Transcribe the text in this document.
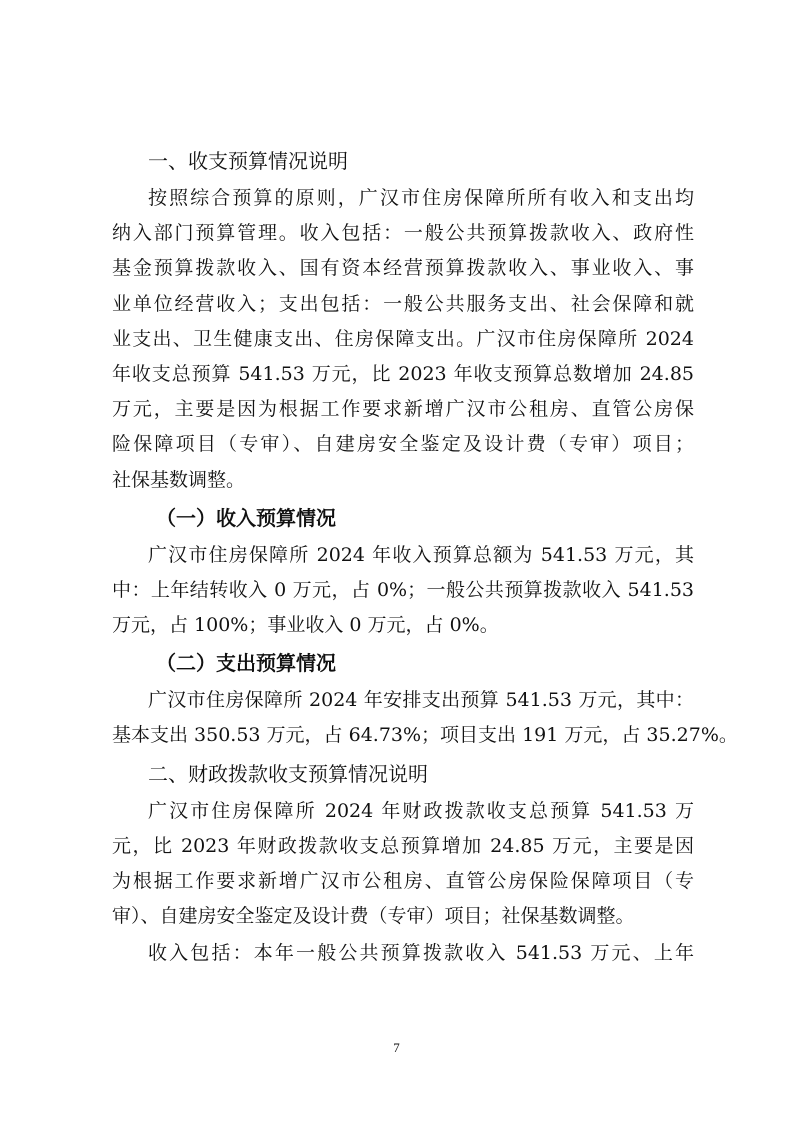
一、收支预算情况说明
按照综合预算的原则，广汉市住房保障所所有收入和支出均
纳入部门预算管理。收入包括：一般公共预算拨款收入、政府性
基金预算拨款收入、国有资本经营预算拨款收入、事业收入、事
业单位经营收入；支出包括：一般公共服务支出、社会保障和就
业支出、卫生健康支出、住房保障支出。广汉市住房保障所 2024
年收支总预算 541.53 万元，比 2023 年收支预算总数增加 24.85
万元，主要是因为根据工作要求新增广汉市公租房、直管公房保
险保障项目（专审）、自建房安全鉴定及设计费（专审）项目；
社保基数调整。
（一）收入预算情况
广汉市住房保障所 2024 年收入预算总额为 541.53 万元，其
中：上年结转收入 0 万元，占 0%；一般公共预算拨款收入 541.53
万元，占 100%；事业收入 0 万元，占 0%。
（二）支出预算情况
广汉市住房保障所 2024 年安排支出预算 541.53 万元，其中：
基本支出 350.53 万元，占 64.73%；项目支出 191 万元，占 35.27%。
二、财政拨款收支预算情况说明
广汉市住房保障所 2024 年财政拨款收支总预算 541.53 万
元，比 2023 年财政拨款收支总预算增加 24.85 万元，主要是因
为根据工作要求新增广汉市公租房、直管公房保险保障项目（专
审）、自建房安全鉴定及设计费（专审）项目；社保基数调整。
收入包括：本年一般公共预算拨款收入 541.53 万元、上年
7
